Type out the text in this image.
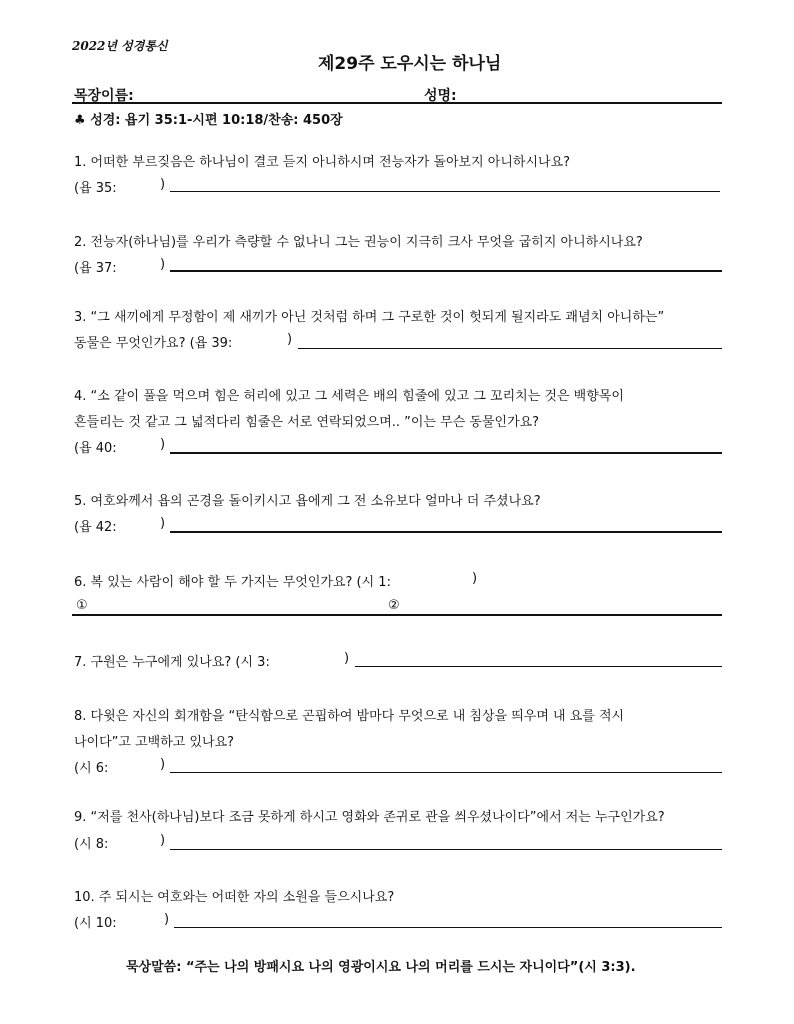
2022년 성경통신
제29주 도우시는 하나님
목장이름:	성명:
♣ 성경: 욥기 35:1-시편 10:18/찬송: 450장
1. 어떠한 부르짖음은 하나님이 결코 듣지 아니하시며 전능자가 돌아보지 아니하시나요?
(욥 35:	)
2. 전능자(하나님)를 우리가 측량할 수 없나니 그는 권능이 지극히 크사 무엇을 굽히지 아니하시나요?
(욥 37:	)
3. “그 새끼에게 무정함이 제 새끼가 아닌 것처럼 하며 그 구로한 것이 헛되게 될지라도 괘념치 아니하는”
동물은 무엇인가요? (욥 39:	)
4. “소 같이 풀을 먹으며 힘은 허리에 있고 그 세력은 배의 힘줄에 있고 그 꼬리치는 것은 백향목이
흔들리는 것 같고 그 넓적다리 힘줄은 서로 연락되었으며.. ”이는 무슨 동물인가요?
(욥 40:	)
5. 여호와께서 욥의 곤경을 돌이키시고 욥에게 그 전 소유보다 얼마나 더 주셨나요?
(욥 42:	)
6. 복 있는 사람이 해야 할 두 가지는 무엇인가요? (시 1:	)
①	②
7. 구원은 누구에게 있나요? (시 3:	)
8. 다윗은 자신의 회개함을 “탄식함으로 곤핍하여 밤마다 무엇으로 내 침상을 띄우며 내 요를 적시
나이다”고 고백하고 있나요?
(시 6:	)
9. “저를 천사(하나님)보다 조금 못하게 하시고 영화와 존귀로 관을 씌우셨나이다”에서 저는 누구인가요?
(시 8:	)
10. 주 되시는 여호와는 어떠한 자의 소원을 들으시나요?
(시 10:	)
묵상말씀: “주는 나의 방패시요 나의 영광이시요 나의 머리를 드시는 자니이다”(시 3:3).
